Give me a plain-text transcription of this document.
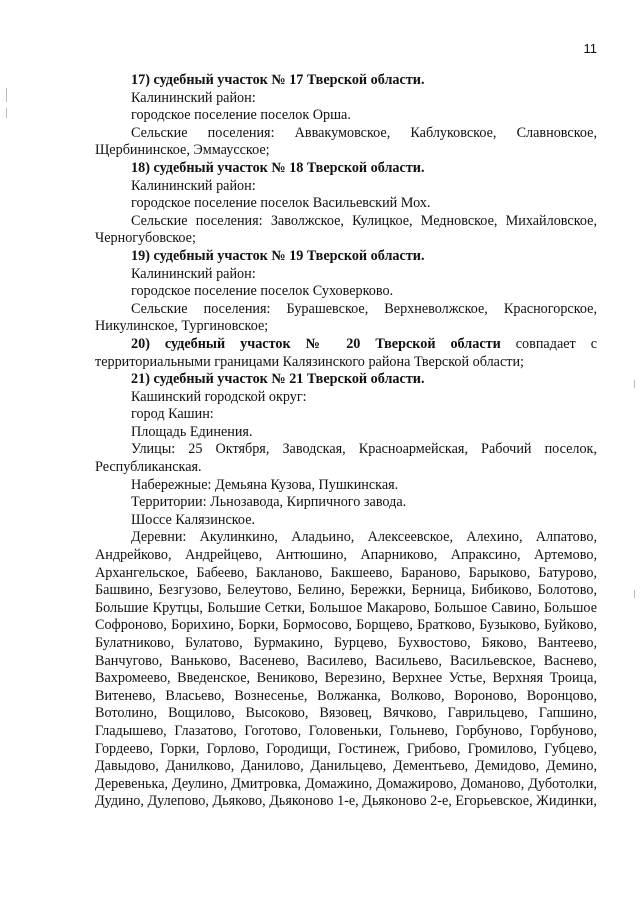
11

17) судебный участок № 17 Тверской области.

Калининский район:

городское поселение поселок Орша.

Сельские поселения: Аввакумовское, Каблуковское, Славновское, Щербининское, Эммаусское;

18) судебный участок № 18 Тверской области.

Калининский район:

городское поселение поселок Васильевский Мох.

Сельские поселения: Заволжское, Кулицкое, Медновское, Михайловское, Черногубовское;

19) судебный участок № 19 Тверской области.

Калининский район:

городское поселение поселок Суховерково.

Сельские поселения: Бурашевское, Верхневолжское, Красногорское, Никулинское, Тургиновское;

20) судебный участок № 20 Тверской области совпадает с территориальными границами Калязинского района Тверской области;

21) судебный участок № 21 Тверской области.

Кашинский городской округ:

город Кашин:

Площадь Единения.

Улицы: 25 Октября, Заводская, Красноармейская, Рабочий поселок, Республиканская.

Набережные: Демьяна Кузова, Пушкинская.

Территории: Льнозавода, Кирпичного завода.

Шоссе Калязинское.

Деревни: Акулинкино, Аладьино, Алексеевское, Алехино, Алпатово, Андрейково, Андрейцево, Антюшино, Апарниково, Апраксино, Артемово, Архангельское, Бабеево, Бакланово, Бакшеево, Бараново, Барыково, Батурово, Башвино, Безгузово, Белеутово, Белино, Бережки, Берница, Бибиково, Болотово, Большие Крутцы, Большие Сетки, Большое Макарово, Большое Савино, Большое Софроново, Борихино, Борки, Бормосово, Борщево, Братково, Бузыково, Буйково, Булатниково, Булатово, Бурмакино, Бурцево, Бухвостово, Бяково, Вантеево, Ванчугово, Ваньково, Васенево, Василево, Васильево, Васильевское, Васнево, Вахромеево, Введенское, Вениково, Верезино, Верхнее Устье, Верхняя Троица, Витенево, Власьево, Вознесенье, Волжанка, Волково, Вороново, Воронцово, Вотолино, Вощилово, Высоково, Вязовец, Вячково, Гаврильцево, Гапшино, Гладышево, Глазатово, Гоготово, Головеньки, Гольнево, Горбуново, Горбуново, Гордеево, Горки, Горлово, Городищи, Гостинеж, Грибово, Громилово, Губцево, Давыдово, Данилково, Данилово, Данильцево, Дементьево, Демидово, Демино, Деревенька, Деулино, Дмитровка, Домажино, Домажирово, Доманово, Дуботолки, Дудино, Дулепово, Дьяково, Дьяконово 1-е, Дьяконово 2-е, Егорьевское, Жидинки,
